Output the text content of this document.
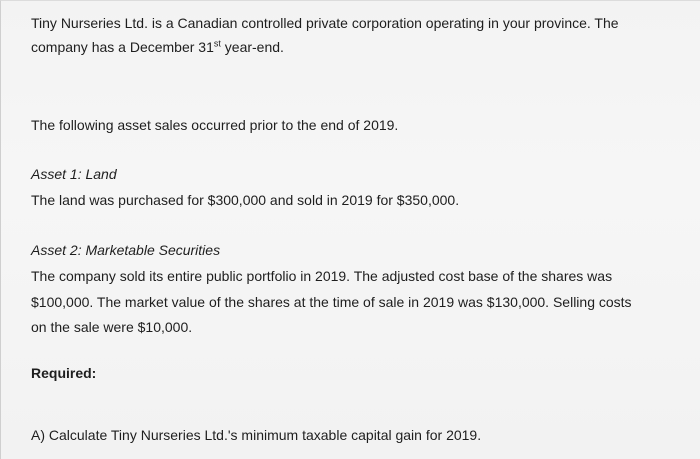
Tiny Nurseries Ltd. is a Canadian controlled private corporation operating in your province. The
company has a December 31st year-end.
The following asset sales occurred prior to the end of 2019.
Asset 1: Land
The land was purchased for $300,000 and sold in 2019 for $350,000.
Asset 2: Marketable Securities
The company sold its entire public portfolio in 2019. The adjusted cost base of the shares was
$100,000. The market value of the shares at the time of sale in 2019 was $130,000. Selling costs
on the sale were $10,000.
Required:
A) Calculate Tiny Nurseries Ltd.'s minimum taxable capital gain for 2019.
